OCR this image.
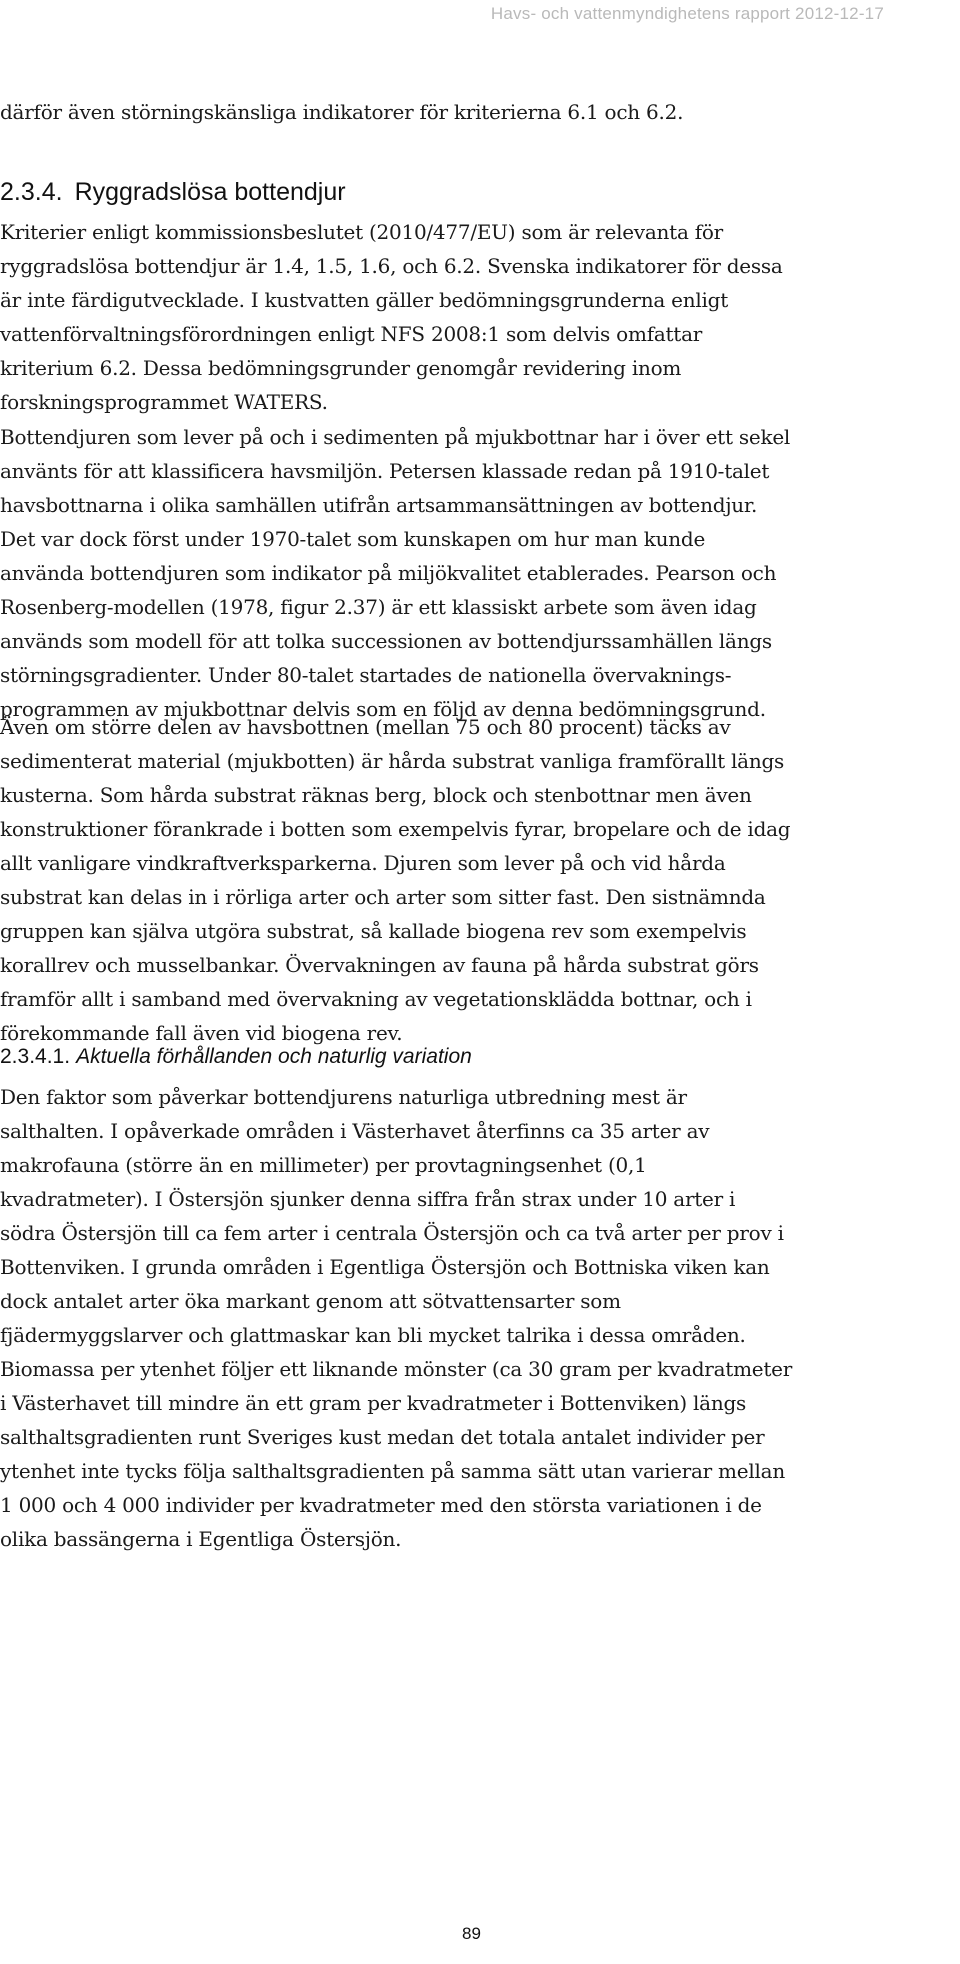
Havs- och vattenmyndighetens rapport 2012-12-17

därför även störningskänsliga indikatorer för kriterierna 6.1 och 6.2.

2.3.4. Ryggradslösa bottendjur

Kriterier enligt kommissionsbeslutet (2010/477/EU) som är relevanta för
ryggradslösa bottendjur är 1.4, 1.5, 1.6, och 6.2. Svenska indikatorer för dessa
är inte färdigutvecklade. I kustvatten gäller bedömningsgrunderna enligt
vattenförvaltningsförordningen enligt NFS 2008:1 som delvis omfattar
kriterium 6.2. Dessa bedömningsgrunder genomgår revidering inom
forskningsprogrammet WATERS.

Bottendjuren som lever på och i sedimenten på mjukbottnar har i över ett sekel
använts för att klassificera havsmiljön. Petersen klassade redan på 1910-talet
havsbottnarna i olika samhällen utifrån artsammansättningen av bottendjur.
Det var dock först under 1970-talet som kunskapen om hur man kunde
använda bottendjuren som indikator på miljökvalitet etablerades. Pearson och
Rosenberg-modellen (1978, figur 2.37) är ett klassiskt arbete som även idag
används som modell för att tolka successionen av bottendjurssamhällen längs
störningsgradienter. Under 80-talet startades de nationella övervaknings-
programmen av mjukbottnar delvis som en följd av denna bedömningsgrund.

Även om större delen av havsbottnen (mellan 75 och 80 procent) täcks av
sedimenterat material (mjukbotten) är hårda substrat vanliga framförallt längs
kusterna. Som hårda substrat räknas berg, block och stenbottnar men även
konstruktioner förankrade i botten som exempelvis fyrar, bropelare och de idag
allt vanligare vindkraftverksparkerna. Djuren som lever på och vid hårda
substrat kan delas in i rörliga arter och arter som sitter fast. Den sistnämnda
gruppen kan själva utgöra substrat, så kallade biogena rev som exempelvis
korallrev och musselbankar. Övervakningen av fauna på hårda substrat görs
framför allt i samband med övervakning av vegetationsklädda bottnar, och i
förekommande fall även vid biogena rev.

2.3.4.1. Aktuella förhållanden och naturlig variation

Den faktor som påverkar bottendjurens naturliga utbredning mest är
salthalten. I opåverkade områden i Västerhavet återfinns ca 35 arter av
makrofauna (större än en millimeter) per provtagningsenhet (0,1
kvadratmeter). I Östersjön sjunker denna siffra från strax under 10 arter i
södra Östersjön till ca fem arter i centrala Östersjön och ca två arter per prov i
Bottenviken. I grunda områden i Egentliga Östersjön och Bottniska viken kan
dock antalet arter öka markant genom att sötvattensarter som
fjädermyggslarver och glattmaskar kan bli mycket talrika i dessa områden.
Biomassa per ytenhet följer ett liknande mönster (ca 30 gram per kvadratmeter
i Västerhavet till mindre än ett gram per kvadratmeter i Bottenviken) längs
salthaltsgradienten runt Sveriges kust medan det totala antalet individer per
ytenhet inte tycks följa salthaltsgradienten på samma sätt utan varierar mellan
1 000 och 4 000 individer per kvadratmeter med den största variationen i de
olika bassängerna i Egentliga Östersjön.

89
